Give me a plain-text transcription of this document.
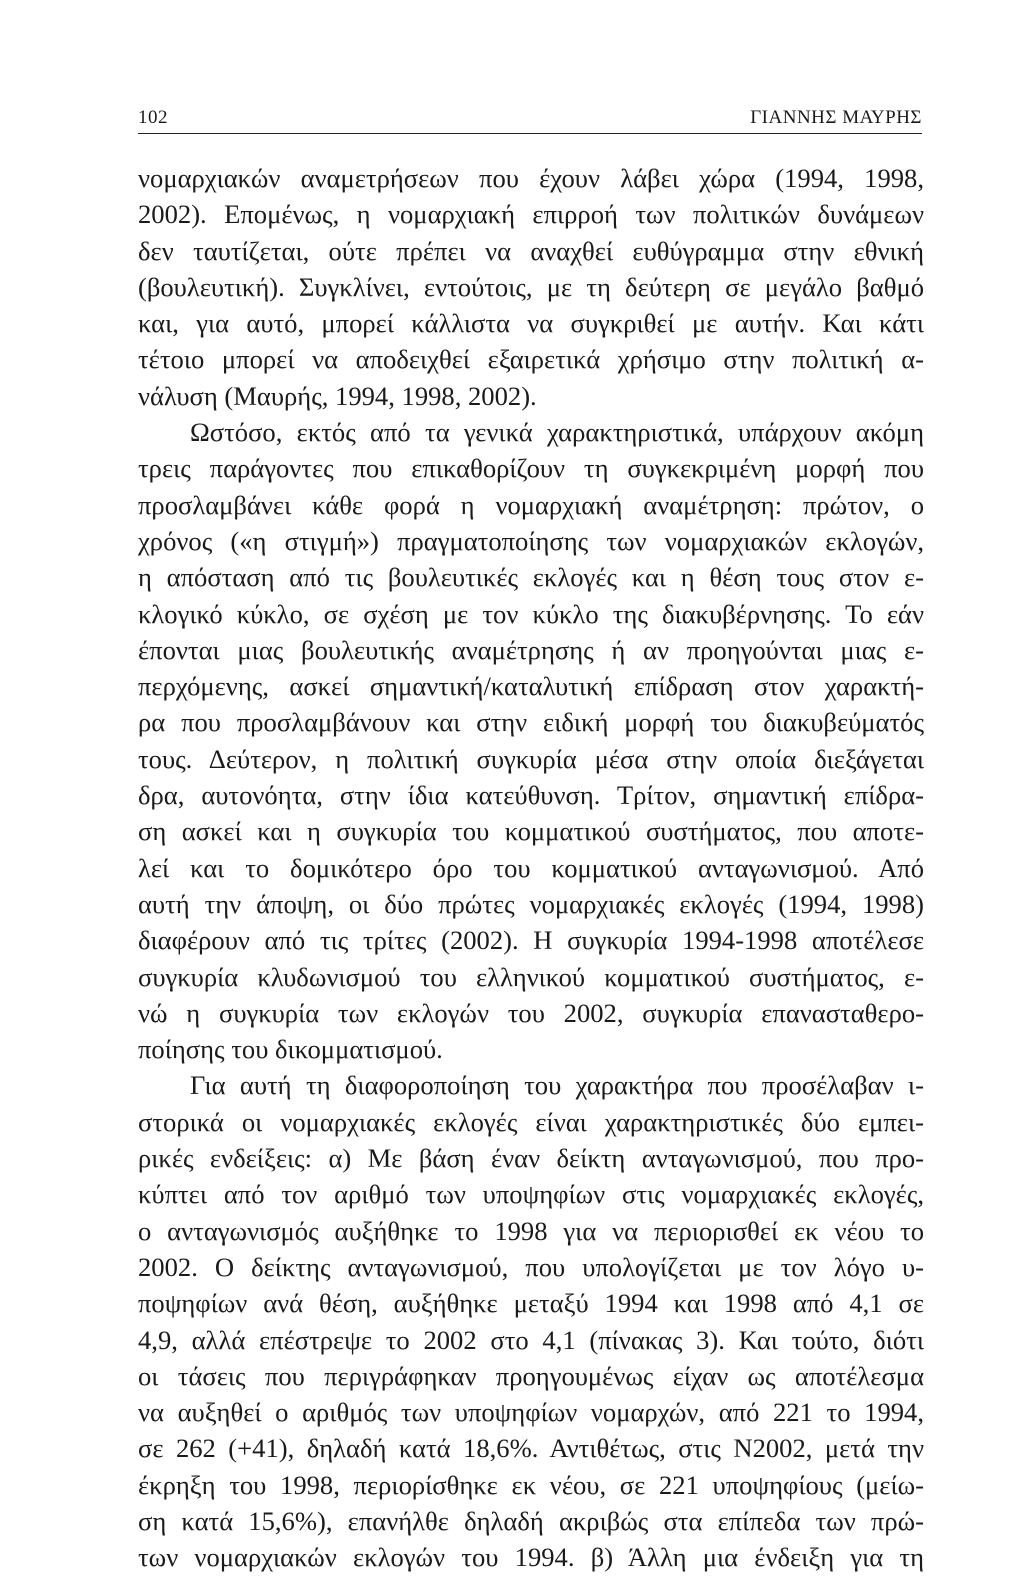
102	ΓΙΑΝΝΗΣ ΜΑΥΡΗΣ
νομαρχιακών αναμετρήσεων που έχουν λάβει χώρα (1994, 1998,
2002). Επομένως, η νομαρχιακή επιρροή των πολιτικών δυνάμεων
δεν ταυτίζεται, ούτε πρέπει να αναχθεί ευθύγραμμα στην εθνική
(βουλευτική). Συγκλίνει, εντούτοις, με τη δεύτερη σε μεγάλο βαθμό
και, για αυτό, μπορεί κάλλιστα να συγκριθεί με αυτήν. Και κάτι
τέτοιο μπορεί να αποδειχθεί εξαιρετικά χρήσιμο στην πολιτική α-
νάλυση (Μαυρής, 1994, 1998, 2002).
Ωστόσο, εκτός από τα γενικά χαρακτηριστικά, υπάρχουν ακόμη
τρεις παράγοντες που επικαθορίζουν τη συγκεκριμένη μορφή που
προσλαμβάνει κάθε φορά η νομαρχιακή αναμέτρηση: πρώτον, ο
χρόνος («η στιγμή») πραγματοποίησης των νομαρχιακών εκλογών,
η απόσταση από τις βουλευτικές εκλογές και η θέση τους στον ε-
κλογικό κύκλο, σε σχέση με τον κύκλο της διακυβέρνησης. Το εάν
έπονται μιας βουλευτικής αναμέτρησης ή αν προηγούνται μιας ε-
περχόμενης, ασκεί σημαντική/καταλυτική επίδραση στον χαρακτή-
ρα που προσλαμβάνουν και στην ειδική μορφή του διακυβεύματός
τους. Δεύτερον, η πολιτική συγκυρία μέσα στην οποία διεξάγεται
δρα, αυτονόητα, στην ίδια κατεύθυνση. Τρίτον, σημαντική επίδρα-
ση ασκεί και η συγκυρία του κομματικού συστήματος, που αποτε-
λεί και το δομικότερο όρο του κομματικού ανταγωνισμού. Από
αυτή την άποψη, οι δύο πρώτες νομαρχιακές εκλογές (1994, 1998)
διαφέρουν από τις τρίτες (2002). Η συγκυρία 1994-1998 αποτέλεσε
συγκυρία κλυδωνισμού του ελληνικού κομματικού συστήματος, ε-
νώ η συγκυρία των εκλογών του 2002, συγκυρία επανασταθερο-
ποίησης του δικομματισμού.
Για αυτή τη διαφοροποίηση του χαρακτήρα που προσέλαβαν ι-
στορικά οι νομαρχιακές εκλογές είναι χαρακτηριστικές δύο εμπει-
ρικές ενδείξεις: α) Με βάση έναν δείκτη ανταγωνισμού, που προ-
κύπτει από τον αριθμό των υποψηφίων στις νομαρχιακές εκλογές,
ο ανταγωνισμός αυξήθηκε το 1998 για να περιορισθεί εκ νέου το
2002. Ο δείκτης ανταγωνισμού, που υπολογίζεται με τον λόγο υ-
ποψηφίων ανά θέση, αυξήθηκε μεταξύ 1994 και 1998 από 4,1 σε
4,9, αλλά επέστρεψε το 2002 στο 4,1 (πίνακας 3). Και τούτο, διότι
οι τάσεις που περιγράφηκαν προηγουμένως είχαν ως αποτέλεσμα
να αυξηθεί ο αριθμός των υποψηφίων νομαρχών, από 221 το 1994,
σε 262 (+41), δηλαδή κατά 18,6%. Αντιθέτως, στις Ν2002, μετά την
έκρηξη του 1998, περιορίσθηκε εκ νέου, σε 221 υποψηφίους (μείω-
ση κατά 15,6%), επανήλθε δηλαδή ακριβώς στα επίπεδα των πρώ-
των νομαρχιακών εκλογών του 1994. β) Άλλη μια ένδειξη για τη
